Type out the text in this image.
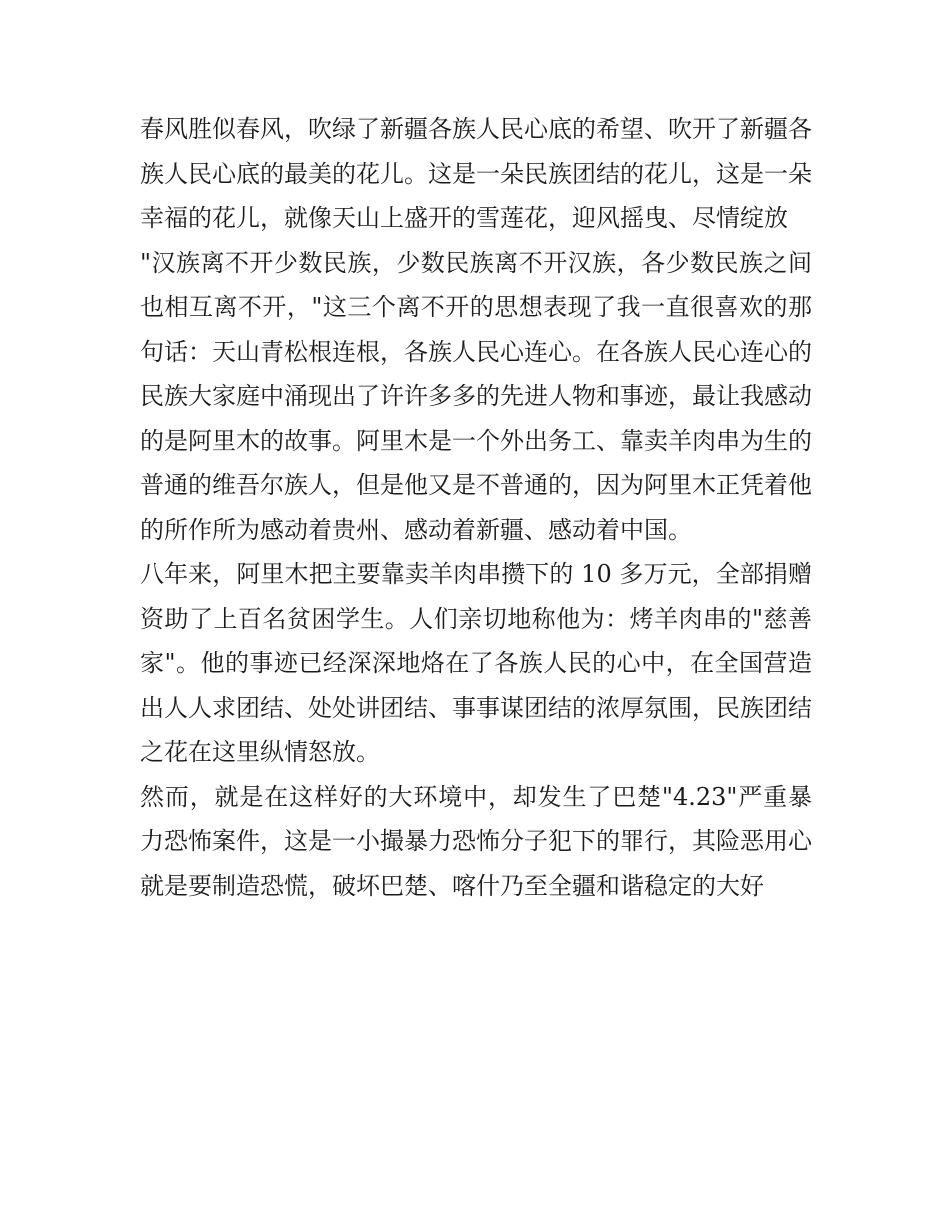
春风胜似春风，吹绿了新疆各族人民心底的希望、吹开了新疆各族人民心底的最美的花儿。这是一朵民族团结的花儿，这是一朵幸福的花儿，就像天山上盛开的雪莲花，迎风摇曳、尽情绽放

"汉族离不开少数民族，少数民族离不开汉族，各少数民族之间也相互离不开，"这三个离不开的思想表现了我一直很喜欢的那句话：天山青松根连根，各族人民心连心。在各族人民心连心的民族大家庭中涌现出了许许多多的先进人物和事迹，最让我感动的是阿里木的故事。阿里木是一个外出务工、靠卖羊肉串为生的普通的维吾尔族人，但是他又是不普通的，因为阿里木正凭着他的所作所为感动着贵州、感动着新疆、感动着中国。

八年来，阿里木把主要靠卖羊肉串攒下的 10 多万元，全部捐赠资助了上百名贫困学生。人们亲切地称他为：烤羊肉串的"慈善家"。他的事迹已经深深地烙在了各族人民的心中，在全国营造出人人求团结、处处讲团结、事事谋团结的浓厚氛围，民族团结之花在这里纵情怒放。

然而，就是在这样好的大环境中，却发生了巴楚"4.23"严重暴力恐怖案件，这是一小撮暴力恐怖分子犯下的罪行，其险恶用心就是要制造恐慌，破坏巴楚、喀什乃至全疆和谐稳定的大好
